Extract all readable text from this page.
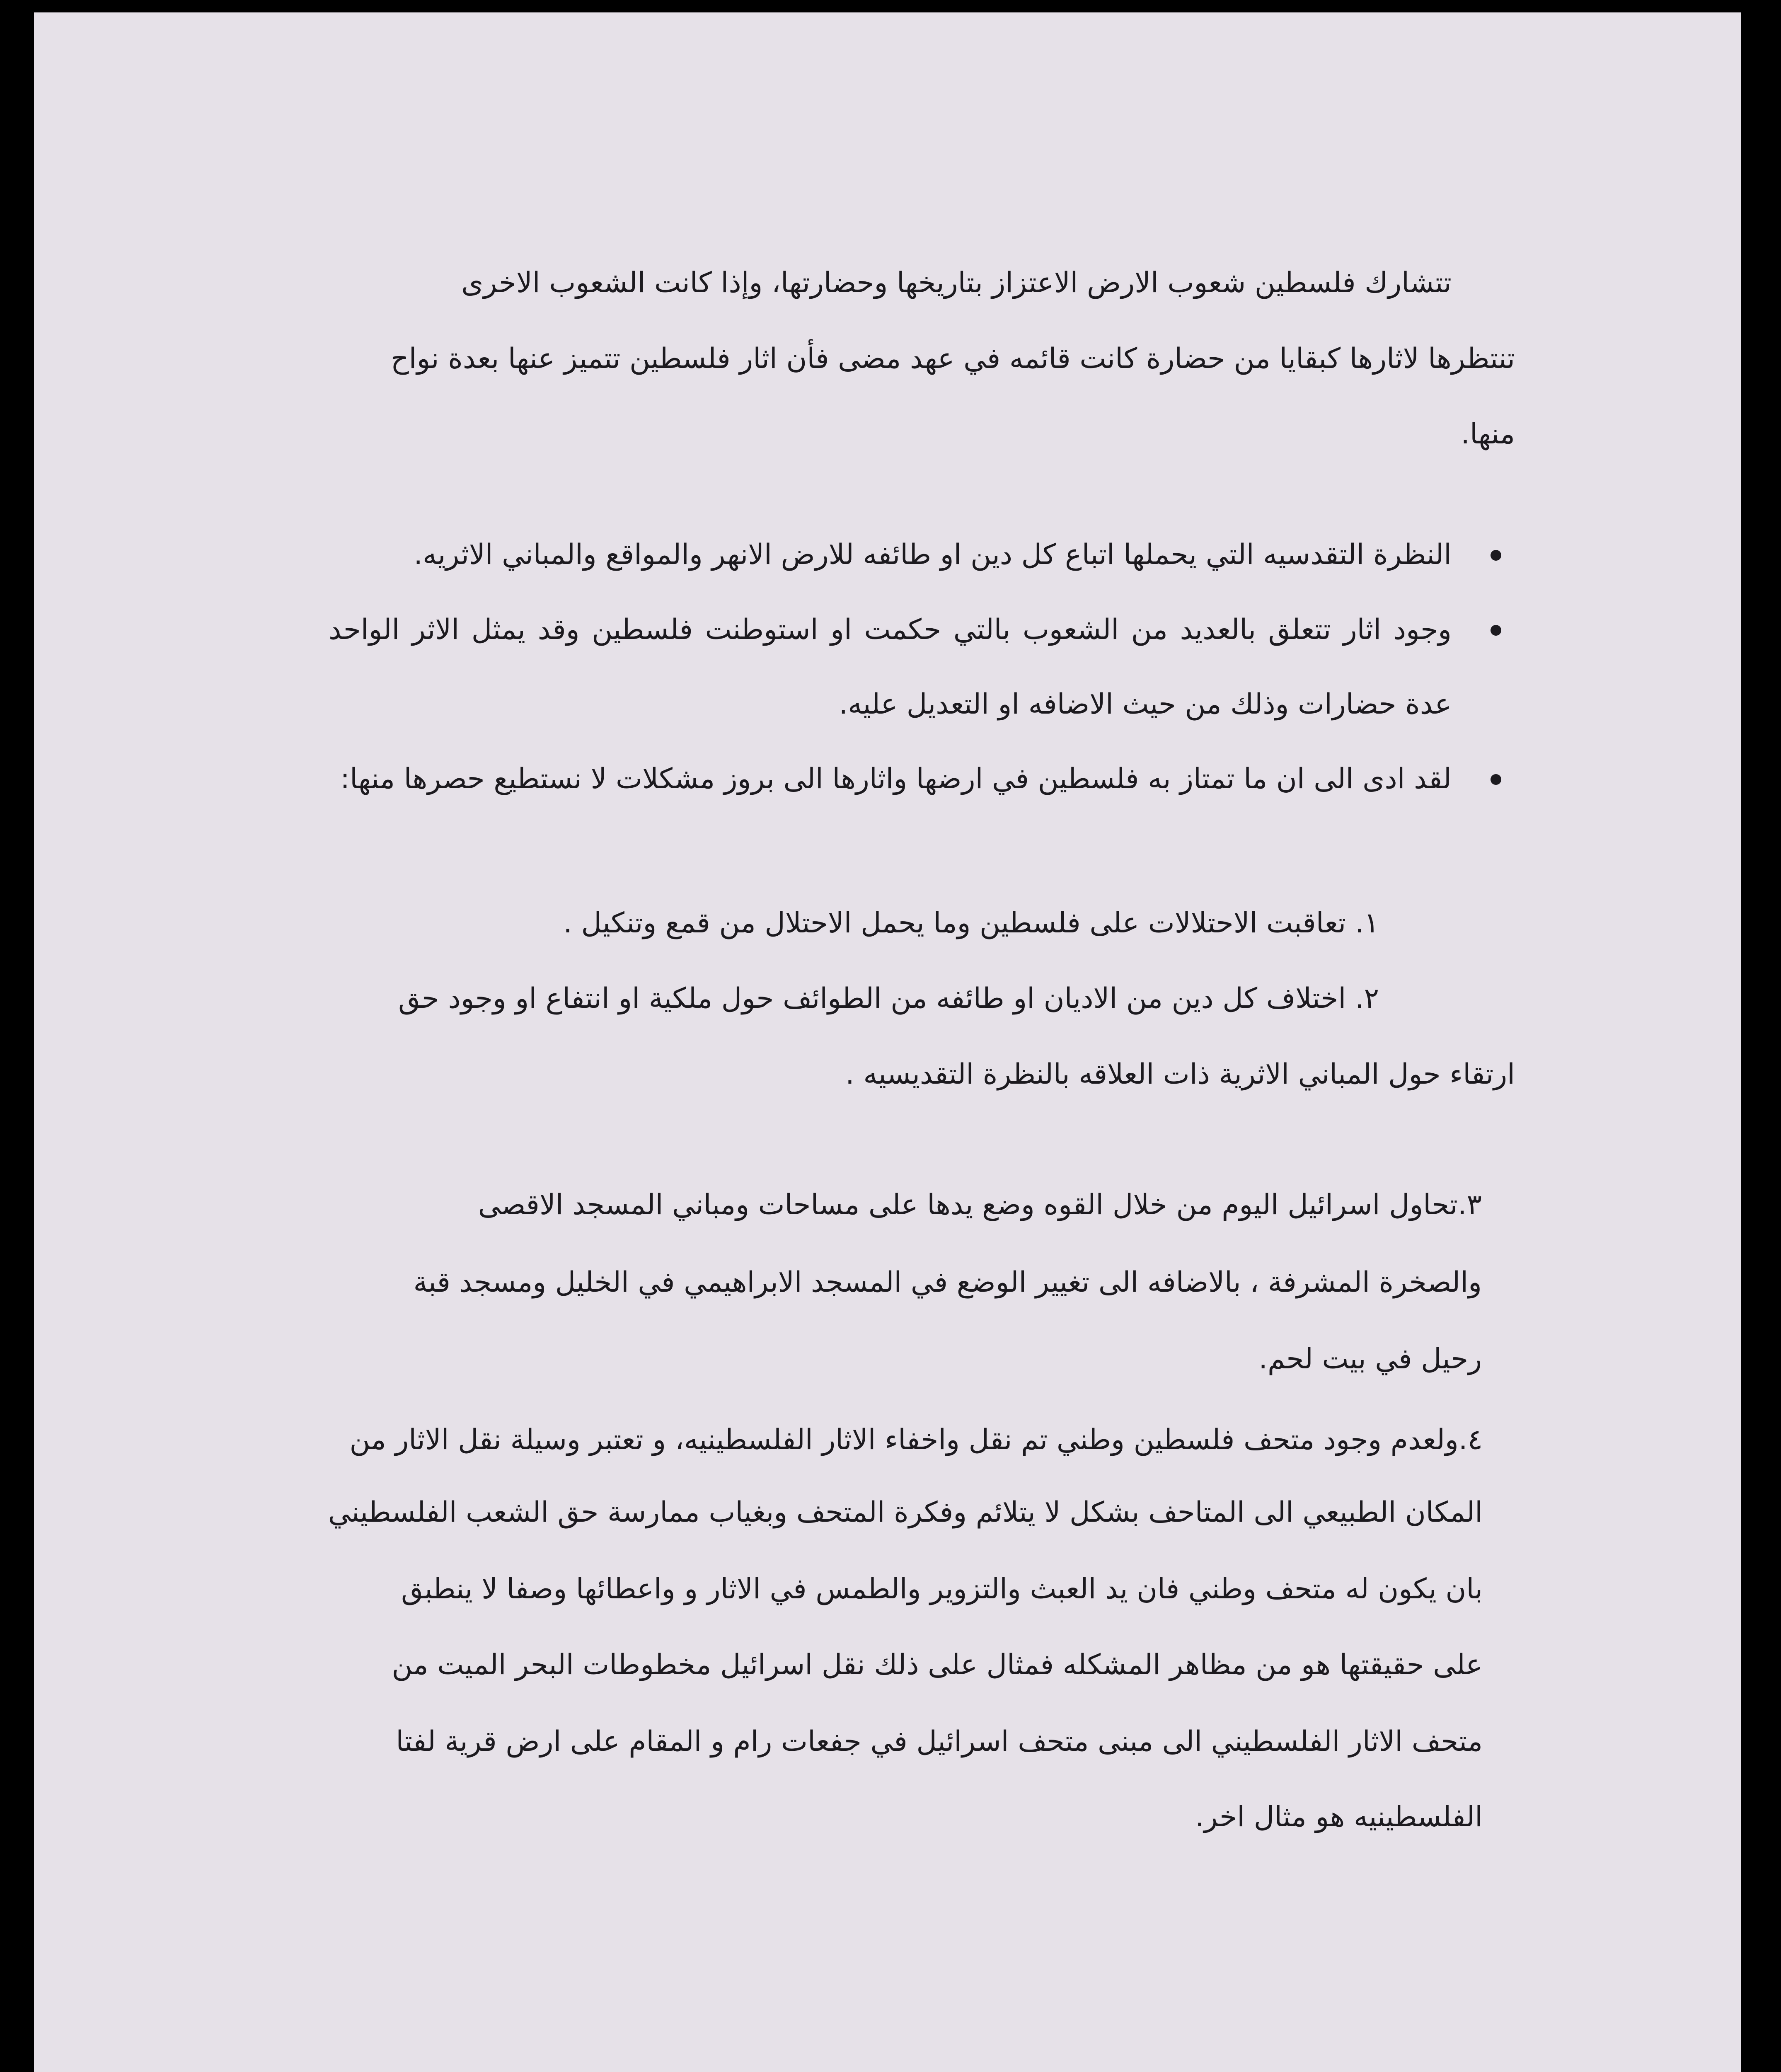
تتشارك فلسطين شعوب الارض الاعتزاز بتاريخها وحضارتها، وإذا كانت الشعوب الاخرى

تنتظرها لاثارها كبقايا من حضارة كانت قائمه في عهد مضى فأن اثار فلسطين تتميز عنها بعدة نواح

منها.

النظرة التقدسيه التي يحملها اتباع كل دين او طائفه للارض الانهر والمواقع والمباني الاثريه.
وجود اثار تتعلق بالعديد من الشعوب بالتي حكمت او استوطنت فلسطين وقد يمثل الاثر الواحد عدة حضارات وذلك من حيث الاضافه او التعديل عليه.
لقد ادى الى ان ما تمتاز به فلسطين في ارضها واثارها الى بروز مشكلات لا نستطيع حصرها منها:

١. تعاقبت الاحتلالات على فلسطين وما يحمل الاحتلال من قمع وتنكيل .

٢. اختلاف كل دين من الاديان او طائفه من الطوائف حول ملكية او انتفاع او وجود حق

ارتقاء حول المباني الاثرية ذات العلاقه بالنظرة التقديسيه .

٣.تحاول اسرائيل اليوم من خلال القوه وضع يدها على مساحات ومباني المسجد الاقصى

والصخرة المشرفة ، بالاضافه الى تغيير الوضع في المسجد الابراهيمي في الخليل ومسجد قبة

رحيل في بيت لحم.

٤.ولعدم وجود متحف فلسطين وطني تم نقل واخفاء الاثار الفلسطينيه، و تعتبر وسيلة نقل الاثار من

المكان الطبيعي الى المتاحف بشكل لا يتلائم وفكرة المتحف وبغياب ممارسة حق الشعب الفلسطيني

بان يكون له متحف وطني فان يد العبث والتزوير والطمس في الاثار و واعطائها وصفا لا ينطبق

على حقيقتها هو من مظاهر المشكله فمثال على ذلك نقل اسرائيل مخطوطات البحر الميت من

متحف الاثار الفلسطيني الى مبنى متحف اسرائيل في جفعات رام و المقام على ارض قرية لفتا

الفلسطينيه هو مثال اخر.
